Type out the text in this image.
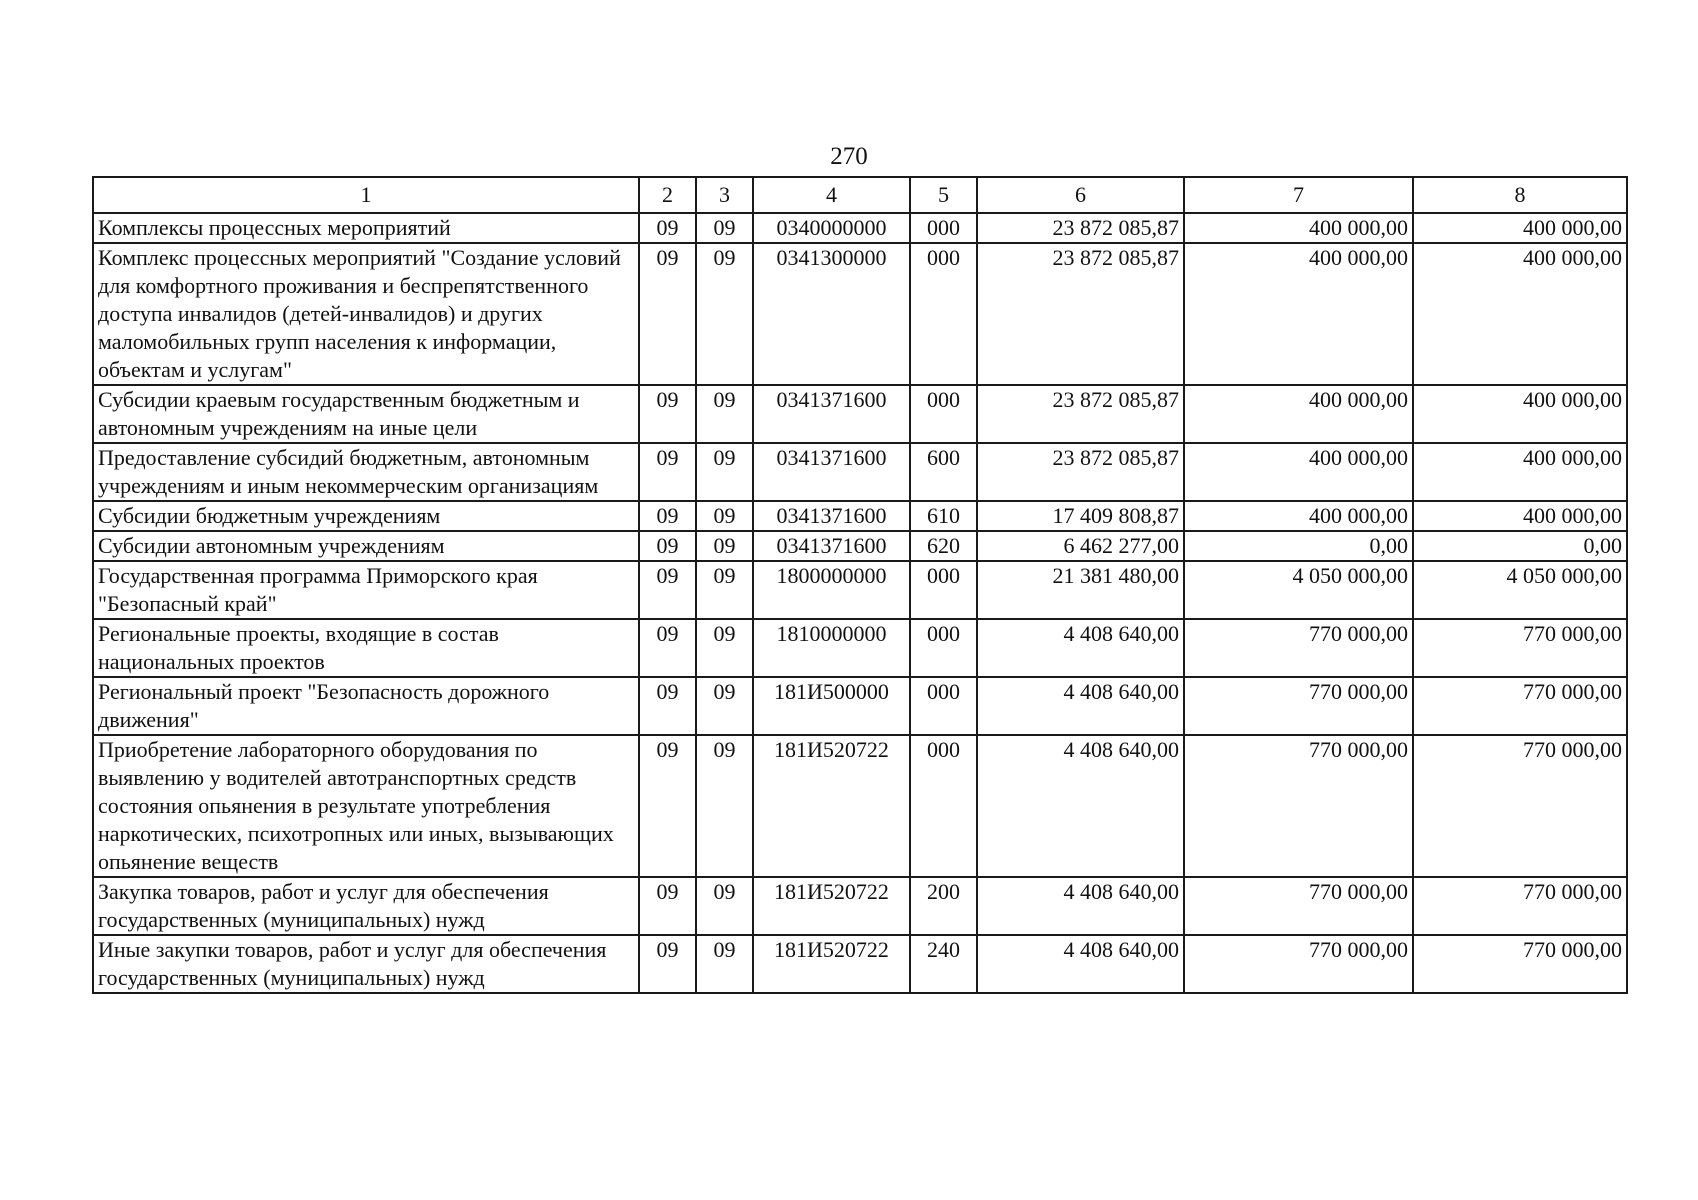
270
1	2	3	4	5	6	7	8
Комплексы процессных мероприятий	09	09	0340000000	000	23 872 085,87	400 000,00	400 000,00
Комплекс процессных мероприятий "Создание условий для комфортного проживания и беспрепятственного доступа инвалидов (детей-инвалидов) и других маломобильных групп населения к информации, объектам и услугам"	09	09	0341300000	000	23 872 085,87	400 000,00	400 000,00
Субсидии краевым государственным бюджетным и автономным учреждениям на иные цели	09	09	0341371600	000	23 872 085,87	400 000,00	400 000,00
Предоставление субсидий бюджетным, автономным учреждениям и иным некоммерческим организациям	09	09	0341371600	600	23 872 085,87	400 000,00	400 000,00
Субсидии бюджетным учреждениям	09	09	0341371600	610	17 409 808,87	400 000,00	400 000,00
Субсидии автономным учреждениям	09	09	0341371600	620	6 462 277,00	0,00	0,00
Государственная программа Приморского края "Безопасный край"	09	09	1800000000	000	21 381 480,00	4 050 000,00	4 050 000,00
Региональные проекты, входящие в состав национальных проектов	09	09	1810000000	000	4 408 640,00	770 000,00	770 000,00
Региональный проект "Безопасность дорожного движения"	09	09	181И500000	000	4 408 640,00	770 000,00	770 000,00
Приобретение лабораторного оборудования по выявлению у водителей автотранспортных средств состояния опьянения в результате употребления наркотических, психотропных или иных, вызывающих опьянение веществ	09	09	181И520722	000	4 408 640,00	770 000,00	770 000,00
Закупка товаров, работ и услуг для обеспечения государственных (муниципальных) нужд	09	09	181И520722	200	4 408 640,00	770 000,00	770 000,00
Иные закупки товаров, работ и услуг для обеспечения государственных (муниципальных) нужд	09	09	181И520722	240	4 408 640,00	770 000,00	770 000,00
